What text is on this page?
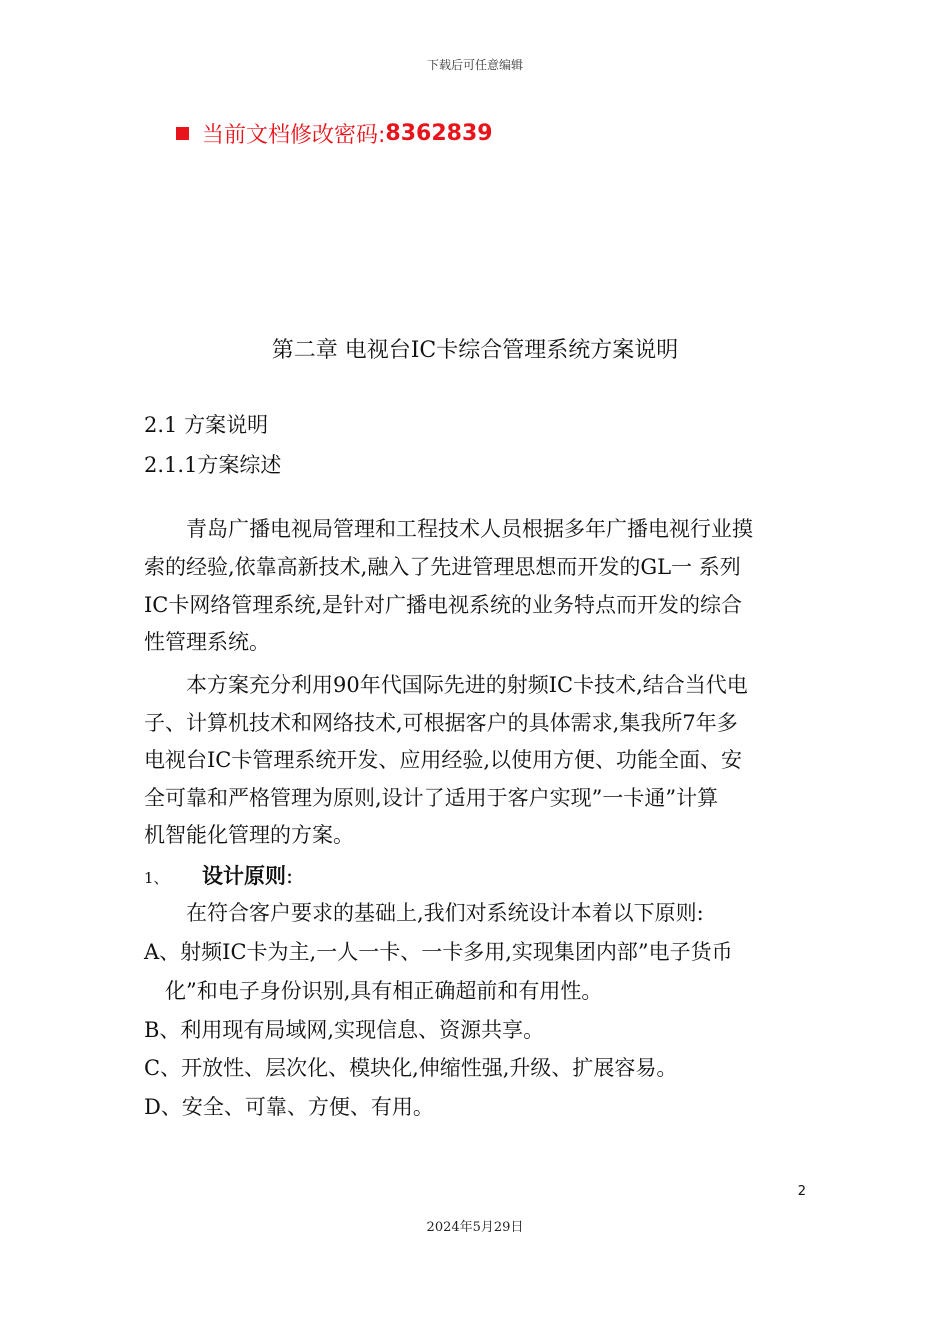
下载后可任意编辑
当前文档修改密码: 8362839
第二章 电视台IC卡综合管理系统方案说明
2.1 方案说明
2.1.1方案综述
　　青岛广播电视局管理和工程技术人员根据多年广播电视行业摸
索的经验,依靠高新技术,融入了先进管理思想而开发的GL一 系列
IC卡网络管理系统,是针对广播电视系统的业务特点而开发的综合
性管理系统。
　　本方案充分利用90年代国际先进的射频IC卡技术,结合当代电
子、计算机技术和网络技术,可根据客户的具体需求,集我所7年多
电视台IC卡管理系统开发、应用经验,以使用方便、功能全面、安
全可靠和严格管理为原则,设计了适用于客户实现”一卡通”计算
机智能化管理的方案。
1、	设计原则 :
　　在符合客户要求的基础上,我们对系统设计本着以下原则:
A、射频IC卡为主,一人一卡、一卡多用,实现集团内部”电子货币
　化”和电子身份识别,具有相正确超前和有用性。
B、利用现有局域网,实现信息、资源共享。
C、开放性、层次化、模块化,伸缩性强,升级、扩展容易。
D、安全、可靠、方便、有用。
2
2024年5月29日
